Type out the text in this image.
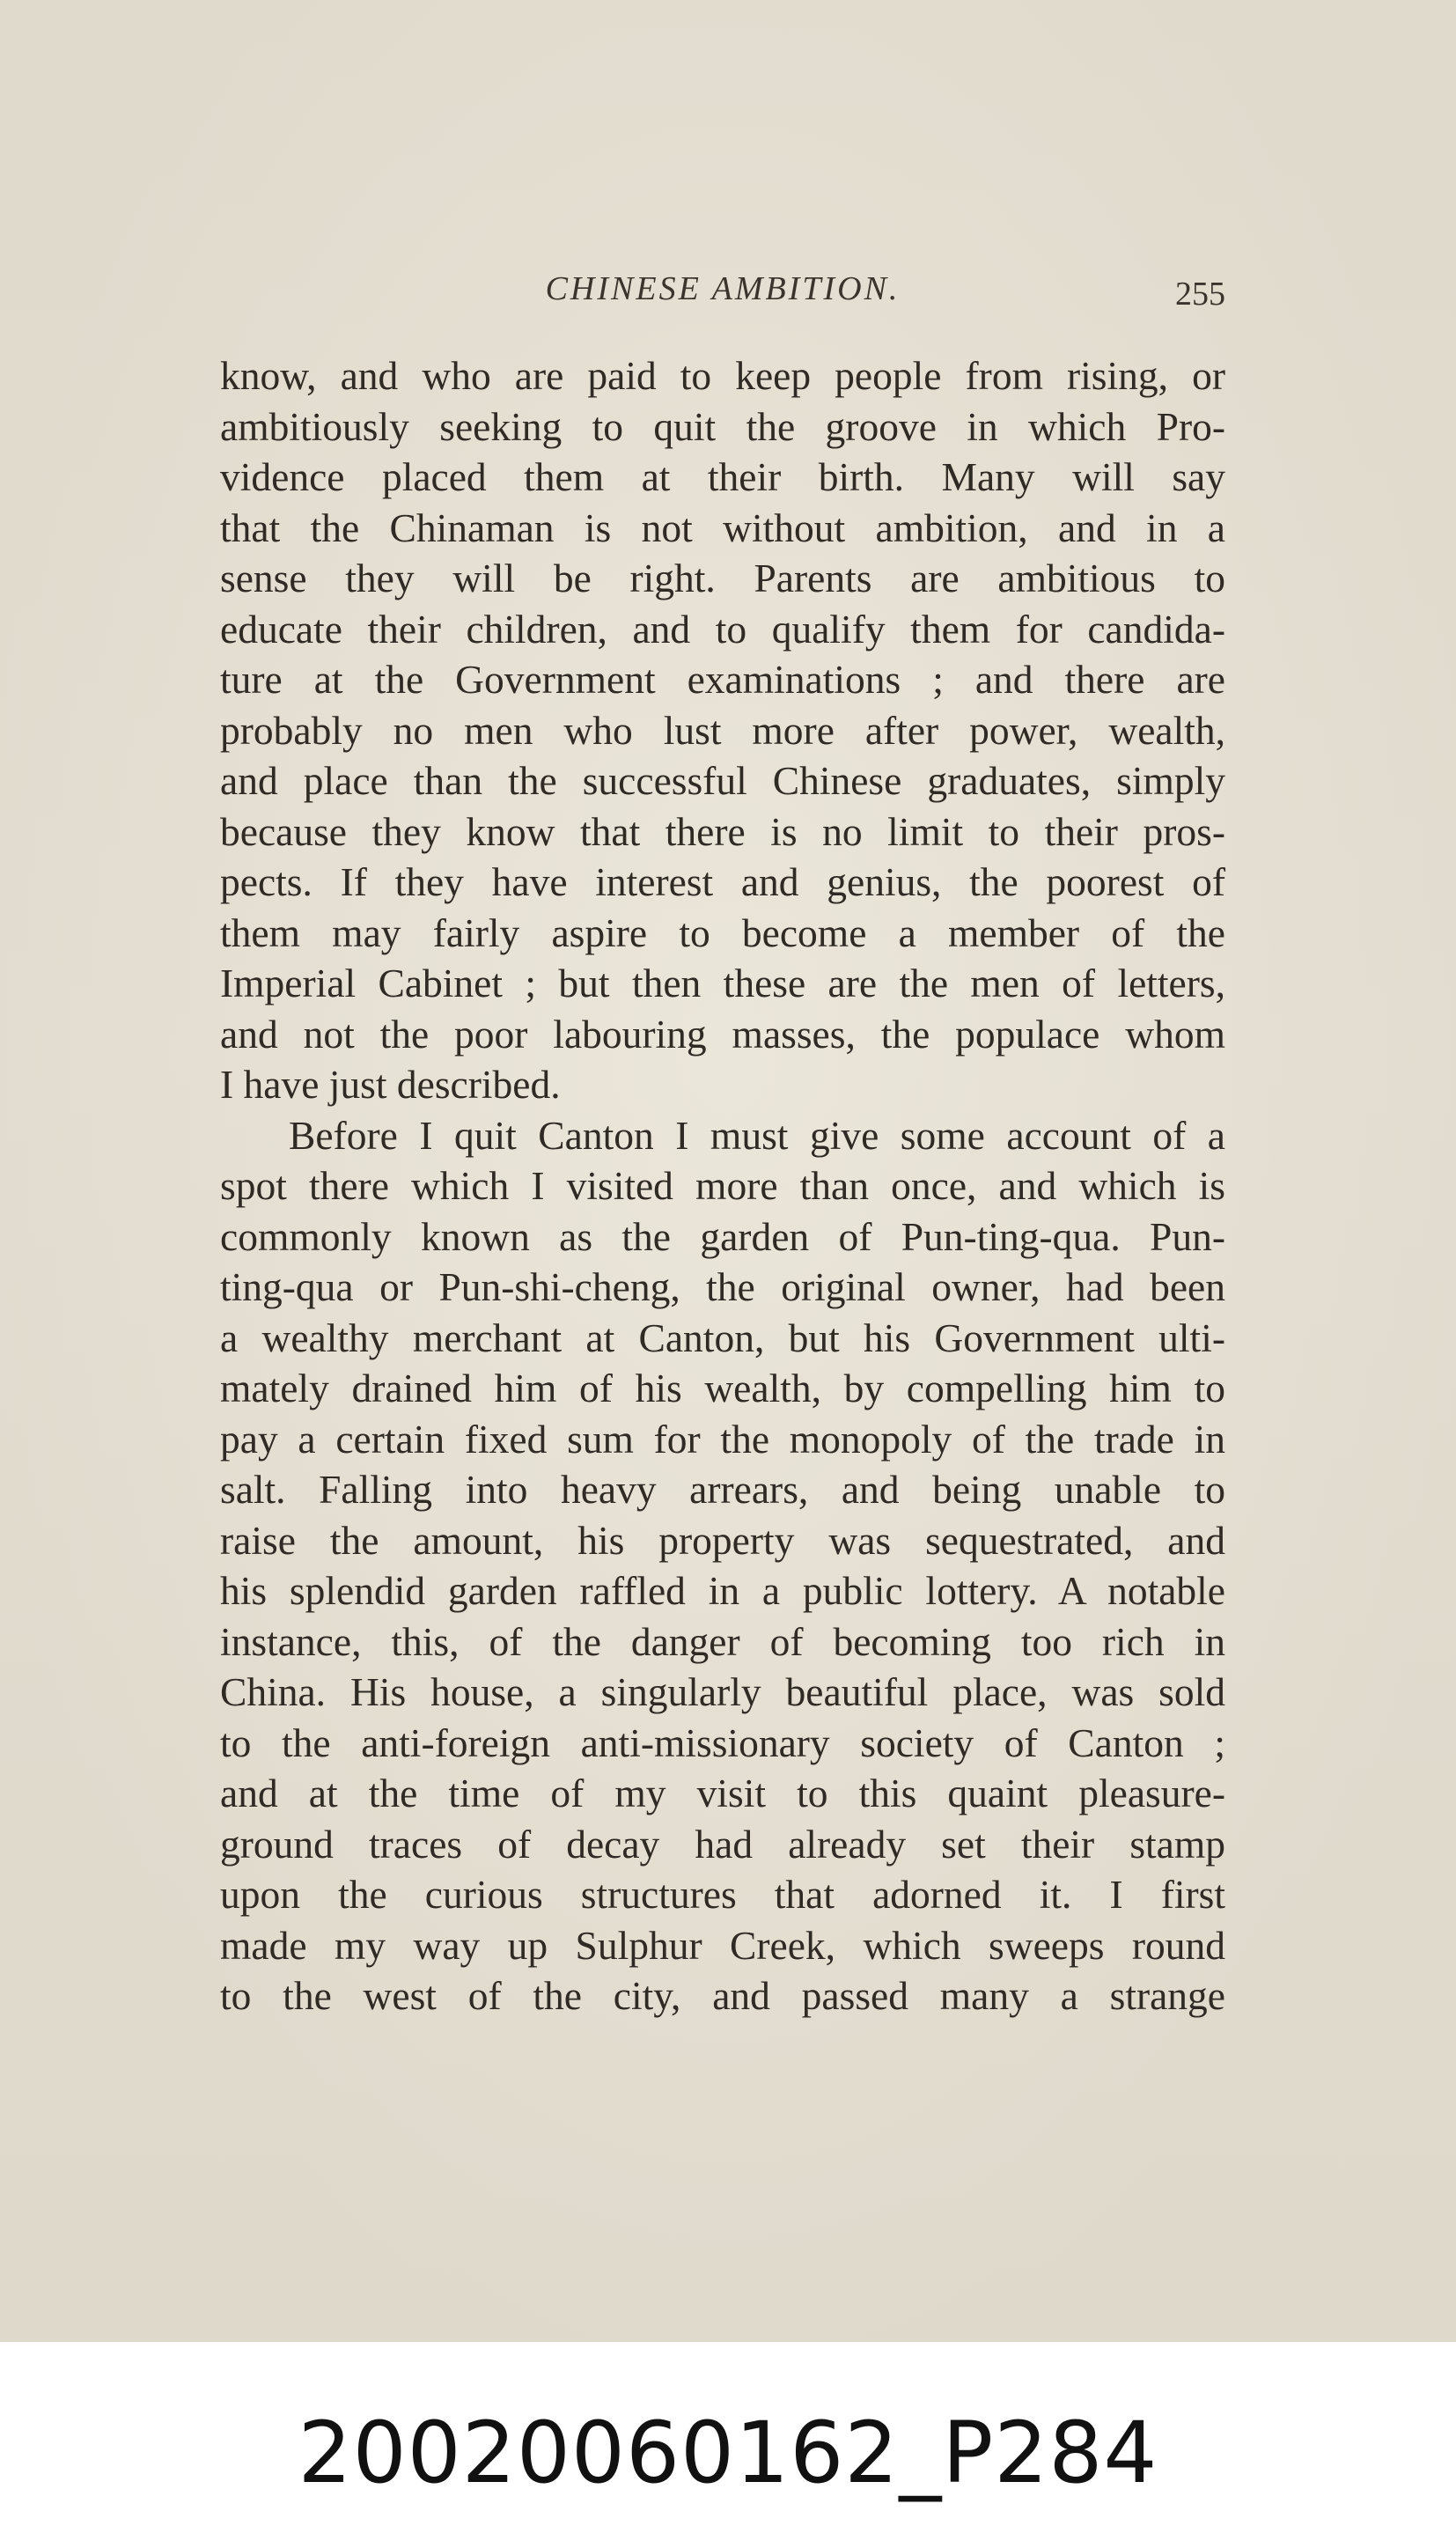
CHINESE AMBITION.	255
know, and who are paid to keep people from rising, or
ambitiously seeking to quit the groove in which Pro-
vidence placed them at their birth. Many will say
that the Chinaman is not without ambition, and in a
sense they will be right. Parents are ambitious to
educate their children, and to qualify them for candida-
ture at the Government examinations ; and there are
probably no men who lust more after power, wealth,
and place than the successful Chinese graduates, simply
because they know that there is no limit to their pros-
pects. If they have interest and genius, the poorest of
them may fairly aspire to become a member of the
Imperial Cabinet ; but then these are the men of letters,
and not the poor labouring masses, the populace whom
I have just described.
Before I quit Canton I must give some account of a
spot there which I visited more than once, and which is
commonly known as the garden of Pun-ting-qua. Pun-
ting-qua or Pun-shi-cheng, the original owner, had been
a wealthy merchant at Canton, but his Government ulti-
mately drained him of his wealth, by compelling him to
pay a certain fixed sum for the monopoly of the trade in
salt. Falling into heavy arrears, and being unable to
raise the amount, his property was sequestrated, and
his splendid garden raffled in a public lottery. A notable
instance, this, of the danger of becoming too rich in
China. His house, a singularly beautiful place, was sold
to the anti-foreign anti-missionary society of Canton ;
and at the time of my visit to this quaint pleasure-
ground traces of decay had already set their stamp
upon the curious structures that adorned it. I first
made my way up Sulphur Creek, which sweeps round
to the west of the city, and passed many a strange
20020060162_P284
